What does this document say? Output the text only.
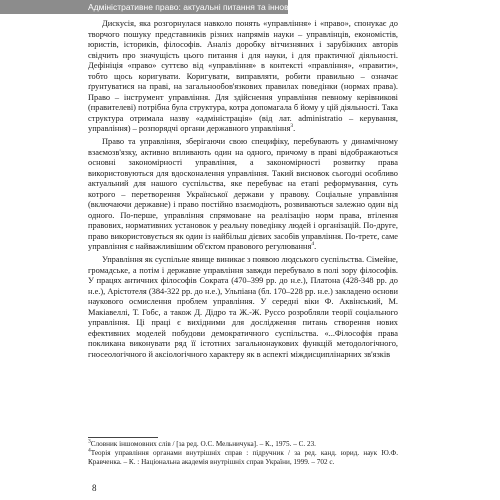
Адміністративне право: актуальні питання та інноваційні ідеї

Дискусія, яка розгорнулася навколо понять «управління» і «право», спонукає до творчого пошуку представників різних напрямів науки – управлінців, економістів, юристів, істориків, філософів. Аналіз доробку вітчизняних і зарубіжних авторів свідчить про значущість цього питання і для науки, і для практичної діяльності. Дефініція «право» суттєво від «управління» в контексті «правління», «правити», тобто щось коригувати. Коригувати, виправляти, робити правильно – означає ґрунтуватися на праві, на загальнообов'язкових правилах поведінки (нормах права). Право – інструмент управління. Для здійснення управління певному керівникові (правителеві) потрібна була структура, котра допомагала б йому у цій діяльності. Така структура отримала назву «адміністрація» (від лат. administratio – керування, управління) – розпорядчі органи державного управління$^3$.

Право та управління, зберігаючи свою специфіку, перебувають у динамічному взаємозв'язку, активно впливають один на одного, причому в праві відображаються основні закономірності управління, а закономірності розвитку права використовуються для вдосконалення управління. Такий висновок сьогодні особливо актуальний для нашого суспільства, яке перебуває на етапі реформування, суть котрого – перетворення Української держави у правову. Соціальне управління (включаючи державне) і право постійно взаємодіють, розвиваються залежно один від одного. По-перше, управління спрямоване на реалізацію норм права, втілення правових, нормативних установок у реальну поведінку людей і організацій. По-друге, право використовується як один із найбільш дієвих засобів управління. По-третє, саме управління є найважливішим об'єктом правового регулювання$^4$.

Управління як суспільне явище виникає з появою людського суспільства. Сімейне, громадське, а потім і державне управління завжди перебувало в полі зору філософів. У працях античних філософів Сократа (470–399 рр. до н.е.), Платона (428-348 рр. до н.е.), Арістотеля (384-322 рр. до н.е.), Ульпіана (бл. 170–228 рр. н.е.) закладено основи наукового осмислення проблем управління. У середні віки Ф. Аквінський, М. Макіавеллі, Т. Гобс, а також Д. Дідро та Ж.-Ж. Руссо розробляли теорії соціального управління. Ці праці є вихідними для дослідження питань створення нових ефективних моделей побудови демократичного суспільства. «...Філософія права покликана виконувати ряд її істотних загальнонаукових функцій методологічного, гносеологічного й аксіологічного характеру як в аспекті міждисциплінарних зв'язків

$^3$Словник іншомовних слів / [за ред. О.С. Мельничука]. – К., 1975. – С. 23.
$^4$Теорія управління органами внутрішніх справ : підручник / за ред. канд. юрид. наук Ю.Ф. Кравченка. – К. : Національна академія внутрішніх справ України, 1999. – 702 с.
8
